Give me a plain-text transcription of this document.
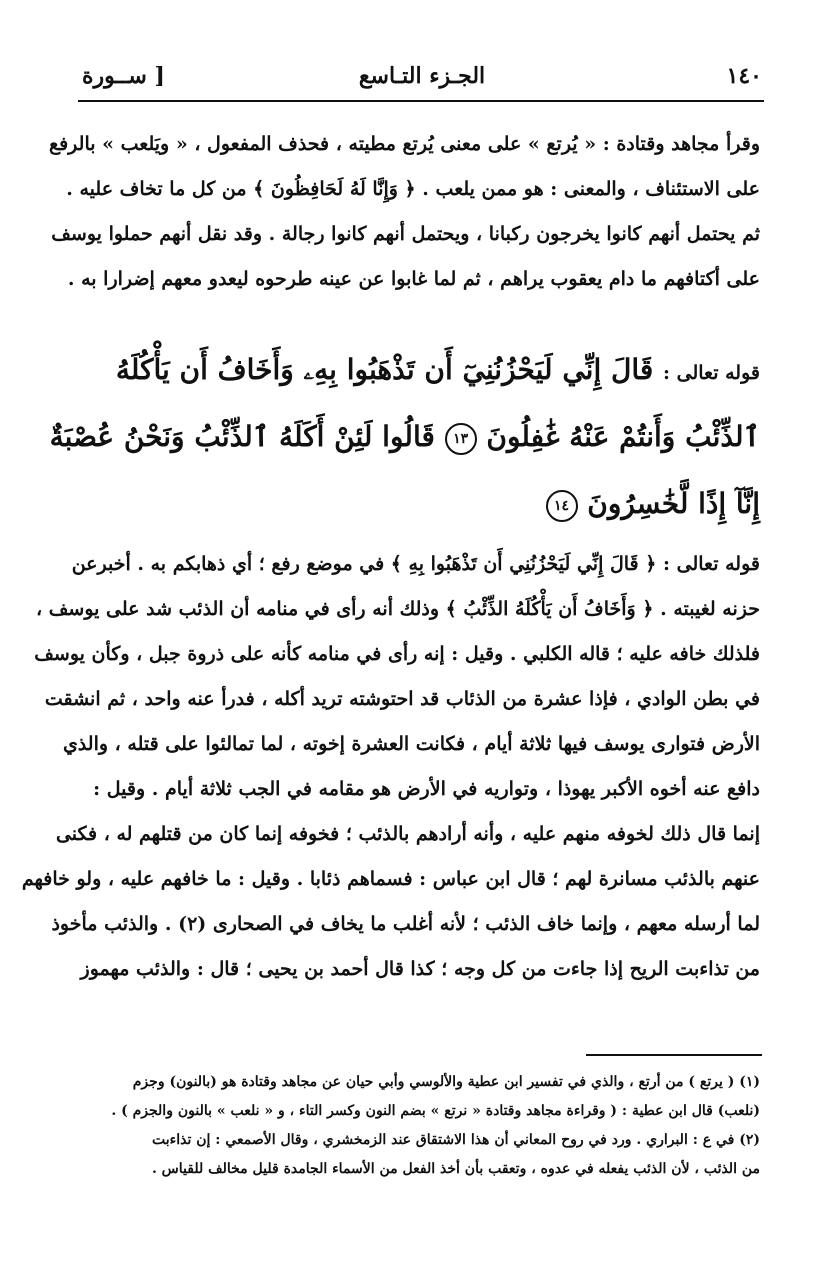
١٤٠
الجـزء التـاسع
[ ســورة

وقرأ مجاهد وقتادة : « يُرتع » على معنى يُرتع مطيته ، فحذف المفعول ، « ويَلعب » بالرفع

على الاستئناف ، والمعنى : هو ممن يلعب . ﴿ وَإِنَّا لَهُ لَحَافِظُونَ ﴾ من كل ما تخاف عليه .

ثم يحتمل أنهم كانوا يخرجون ركبانا ، ويحتمل أنهم كانوا رجالة . وقد نقل أنهم حملوا يوسف

على أكتافهم ما دام يعقوب يراهم ، ثم لما غابوا عن عينه طرحوه ليعدو معهم إضرارا به .

قوله تعالى : قَالَ إِنِّي لَيَحْزُنُنِيٓ أَن تَذْهَبُوا بِهِۦ وَأَخَافُ أَن يَأْكُلَهُ

ٱلذِّئْبُ وَأَنتُمْ عَنْهُ غَٰفِلُونَ ١٣ قَالُوا لَئِنْ أَكَلَهُ ٱلذِّئْبُ وَنَحْنُ عُصْبَةٌ

إِنَّآ إِذًا لَّخَٰسِرُونَ ١٤

قوله تعالى : ﴿ قَالَ إِنِّي لَيَحْزُنُنِي أَن تَذْهَبُوا بِهِ ﴾ في موضع رفع ؛ أي ذهابكم به . أخبرعن

حزنه لغيبته . ﴿ وَأَخَافُ أَن يَأْكُلَهُ الذِّئْبُ ﴾ وذلك أنه رأى في منامه أن الذئب شد على يوسف ،

فلذلك خافه عليه ؛ قاله الكلبي . وقيل : إنه رأى في منامه كأنه على ذروة جبل ، وكأن يوسف

في بطن الوادي ، فإذا عشرة من الذئاب قد احتوشته تريد أكله ، فدرأ عنه واحد ، ثم انشقت

الأرض فتوارى يوسف فيها ثلاثة أيام ، فكانت العشرة إخوته ، لما تمالئوا على قتله ، والذي

دافع عنه أخوه الأكبر يهوذا ، وتواريه في الأرض هو مقامه في الجب ثلاثة أيام . وقيل :

إنما قال ذلك لخوفه منهم عليه ، وأنه أرادهم بالذئب ؛ فخوفه إنما كان من قتلهم له ، فكنى

عنهم بالذئب مسانرة لهم ؛ قال ابن عباس : فسماهم ذئابا . وقيل : ما خافهم عليه ، ولو خافهم

لما أرسله معهم ، وإنما خاف الذئب ؛ لأنه أغلب ما يخاف في الصحارى (٢) . والذئب مأخوذ

من تذاءبت الريح إذا جاءت من كل وجه ؛ كذا قال أحمد بن يحيى ؛ قال : والذئب مهموز

(١) ( يرتع ) من أرتع ، والذي في تفسير ابن عطية والألوسي وأبي حيان عن مجاهد وقتادة هو (بالنون) وجزم

(نلعب) قال ابن عطية : ( وقراءة مجاهد وقتادة « نرتع » بضم النون وكسر التاء ، و « نلعب » بالنون والجزم ) .

(٢) في ع : البراري . ورد في روح المعاني أن هذا الاشتقاق عند الزمخشري ، وقال الأصمعي : إن تذاءبت

من الذئب ، لأن الذئب يفعله في عدوه ، وتعقب بأن أخذ الفعل من الأسماء الجامدة قليل مخالف للقياس .
